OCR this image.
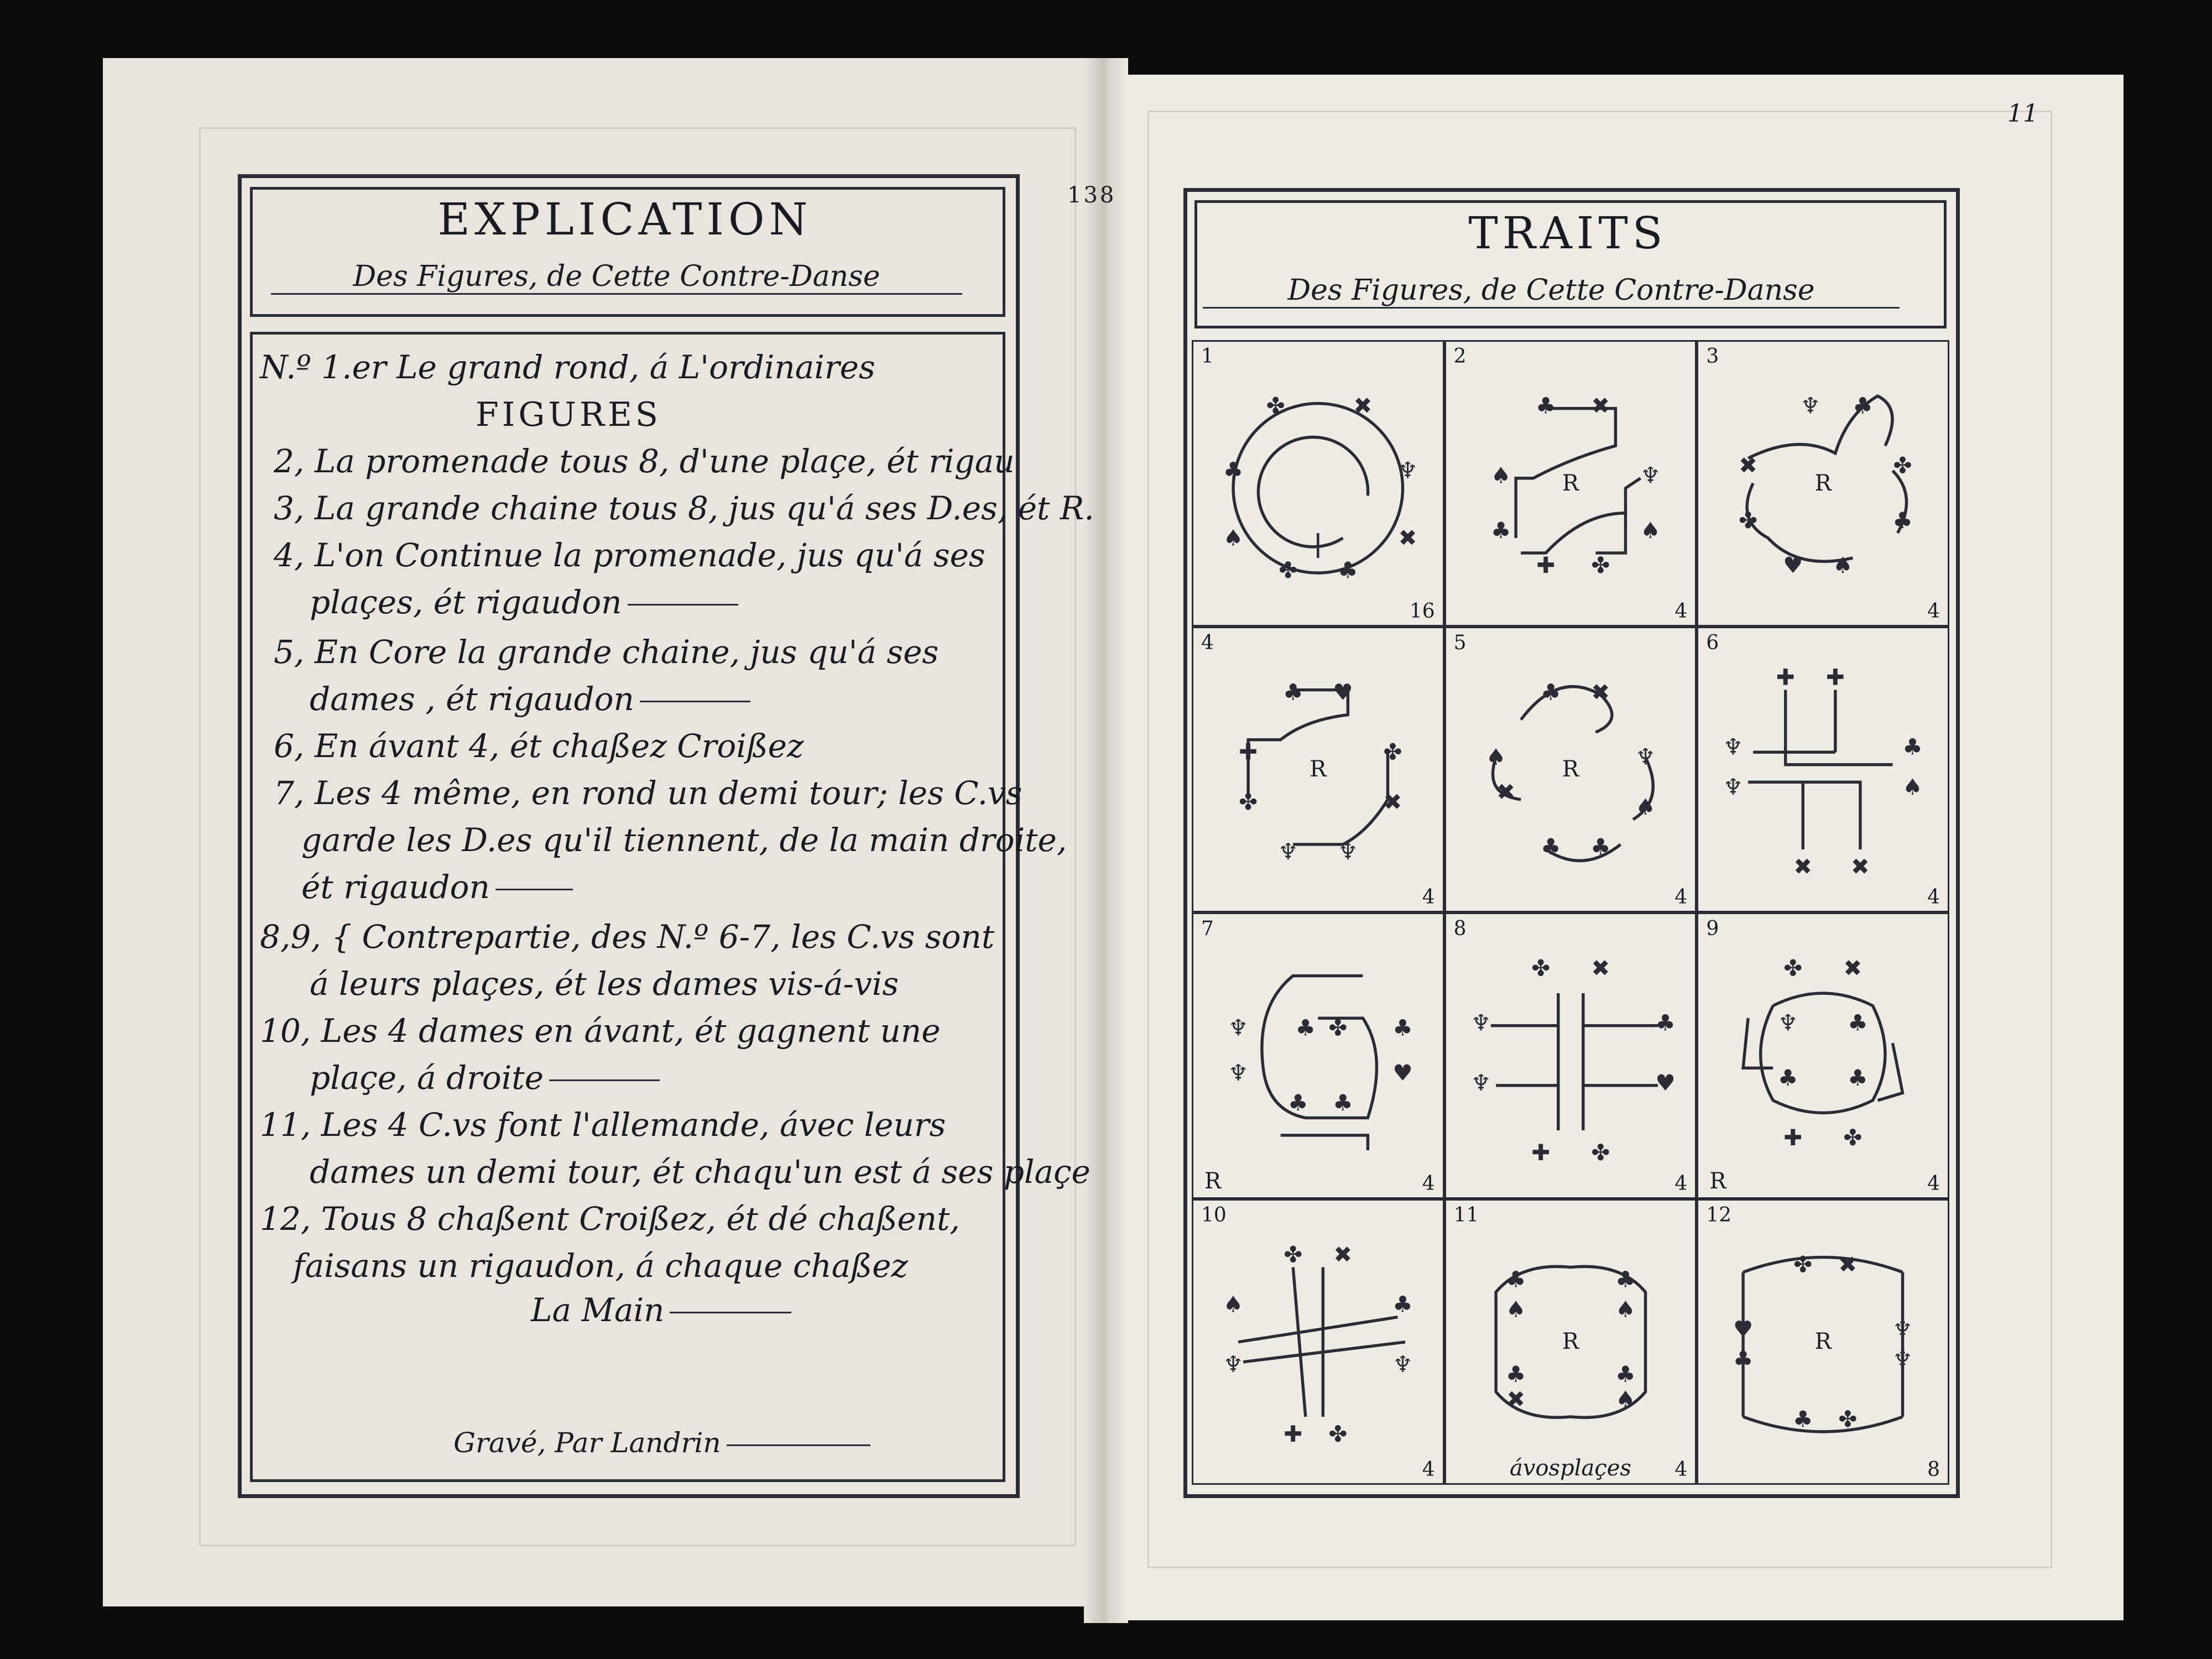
138
11
EXPLICATION
Des Figures, de Cette Contre-Danse
N.º 1.er Le grand rond, á L'ordinaires
FIGURES
2, La promenade tous 8, d'une plaçe, ét rigau
3, La grande chaine tous 8, jus qu'á ses D.es, ét R.
4, L'on Continue la promenade, jus qu'á ses
plaçes, ét rigaudon
5, En Core la grande chaine, jus qu'á ses
dames , ét rigaudon
6, En ávant 4, ét chaßez Croißez
7, Les 4 même, en rond un demi tour; les C.vs
garde les D.es qu'il tiennent, de la main droite,
ét rigaudon
8,9, { Contrepartie, des N.º 6-7, les C.vs sont
á leurs plaçes, ét les dames vis-á-vis
10, Les 4 dames en ávant, ét gagnent une
plaçe, á droite
11, Les 4 C.vs font l'allemande, ávec leurs
dames un demi tour, ét chaqu'un est á ses plaçe
12, Tous 8 chaßent Croißez, ét dé chaßent,
faisans un rigaudon, á chaque chaßez
La Main
Gravé, Par Landrin
TRAITS
Des Figures, de Cette Contre-Danse
1
✤	✖
♣	♆
♠	✖
✤	♣
16
2
♣	✖
♠	♆
♣	♠
✚	✤
R
4
3
♆	♣
✖	✤
✤	♣
♥	♠
R
4
4
♣	♥
✚	✤
✤	✖
♆	♆
R
4
5
♣	✖
♠	♆
✖
♠
♣	♣
R
4
6
✚	✚
♆	♣
♆	♠
✖	✖
4
7
♆	♣
♆	♥
♣	✤
♣	♣
R	4
8
✤	✖
♆	♣
♆	♥
✚	✤
4
9
✤	✖
♆	♣
♣	♣
✚	✤
R	4
10
✤	✖
♠	♣
♆	♆
✚	✤
4
11
♣	♣
♠	♠
♣	♣
✖	♠
R
ávosplaçes	4
12
✤	✖
♥	♆
♣	♆
♣	✤
R
8
